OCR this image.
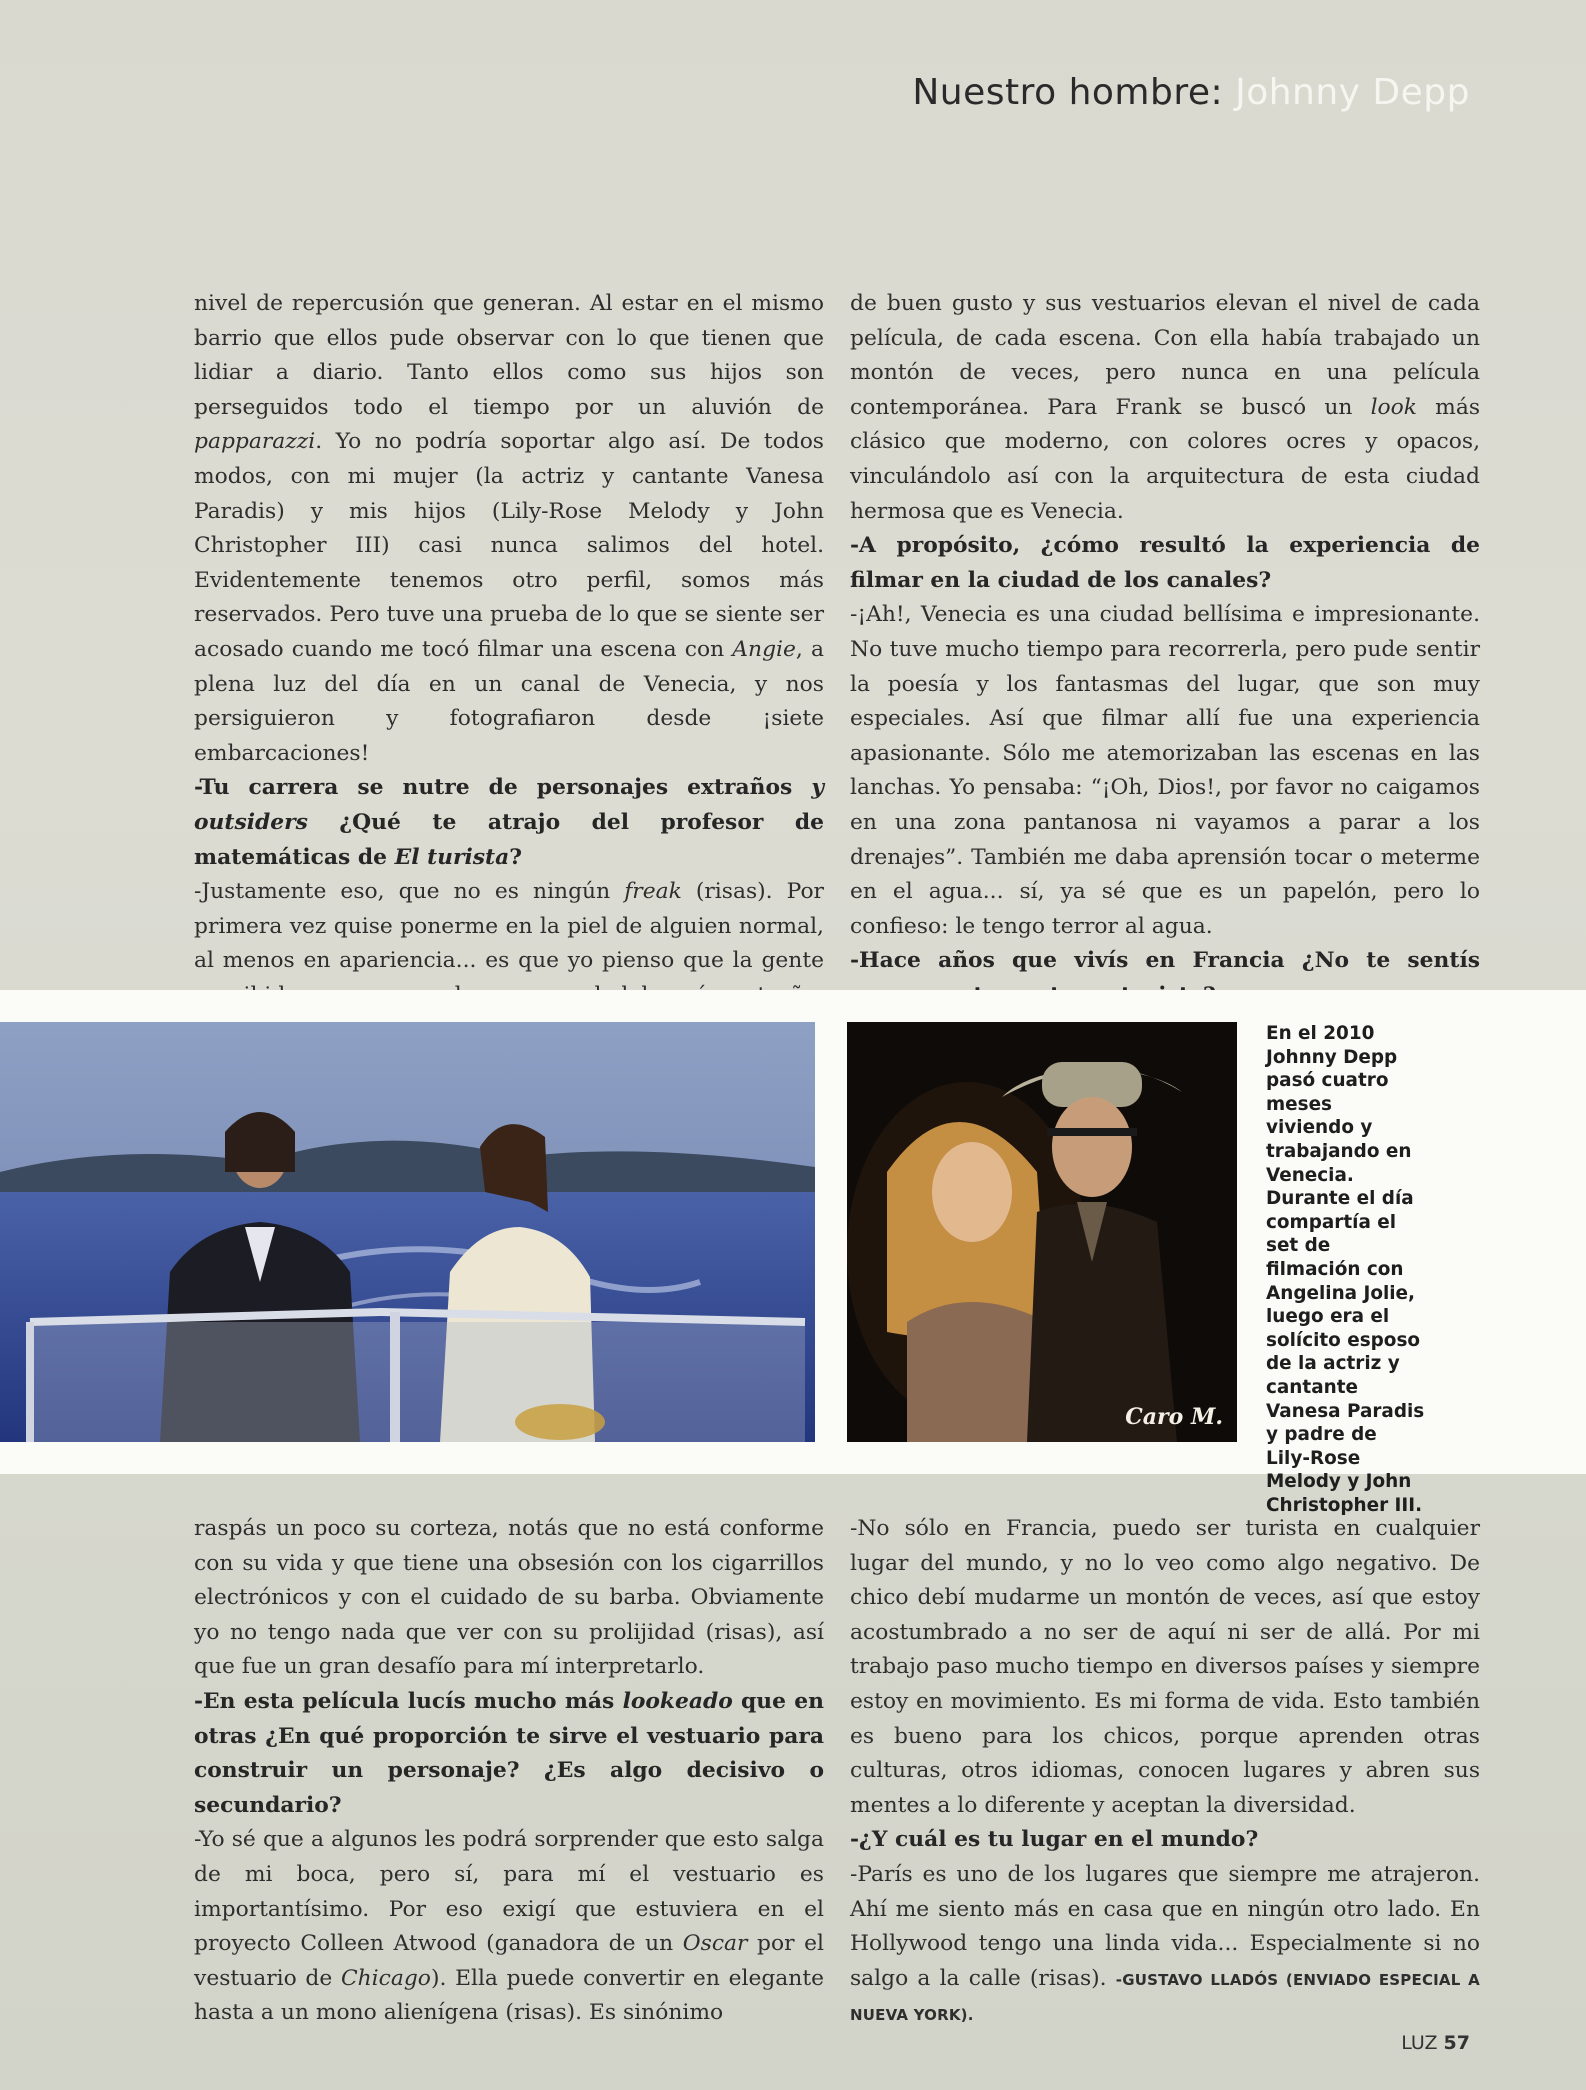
Nuestro hombre: Johnny Depp

nivel de repercusión que generan. Al estar en el mismo barrio que ellos pude observar con lo que tienen que lidiar a diario. Tanto ellos como sus hijos son perseguidos todo el tiempo por un aluvión de papparazzi. Yo no podría soportar algo así. De todos modos, con mi mujer (la actriz y cantante Vanesa Paradis) y mis hijos (Lily-Rose Melody y John Christopher III) casi nunca salimos del hotel. Evidentemente tenemos otro perfil, somos más reservados. Pero tuve una prueba de lo que se siente ser acosado cuando me tocó filmar una escena con Angie, a plena luz del día en un canal de Venecia, y nos persiguieron y fotografiaron desde ¡siete embarcaciones!

-Tu carrera se nutre de personajes extraños y outsiders ¿Qué te atrajo del profesor de matemáticas de El turista?

-Justamente eso, que no es ningún freak (risas). Por primera vez quise ponerme en la piel de alguien normal, al menos en apariencia... es que yo pienso que la gente

de buen gusto y sus vestuarios elevan el nivel de cada película, de cada escena. Con ella había trabajado un montón de veces, pero nunca en una película contemporánea. Para Frank se buscó un look más clásico que moderno, con colores ocres y opacos, vinculándolo así con la arquitectura de esta ciudad hermosa que es Venecia.

-A propósito, ¿cómo resultó la experiencia de filmar en la ciudad de los canales?

-¡Ah!, Venecia es una ciudad bellísima e impresionante. No tuve mucho tiempo para recorrerla, pero pude sentir la poesía y los fantasmas del lugar, que son muy especiales. Así que filmar allí fue una experiencia apasionante. Sólo me atemorizaban las escenas en las lanchas. Yo pensaba: “¡Oh, Dios!, por favor no caigamos en una zona pantanosa ni vayamos a parar a los drenajes”. También me daba aprensión tocar o meterme en el agua... sí, ya sé que es un papelón, pero lo confieso: le tengo terror al agua.

-Hace años que vivís en Francia ¿No te sentís

Caro M.
En el 2010 Johnny Depp pasó cuatro meses viviendo y trabajando en Venecia. Durante el día compartía el set de filmación con Angelina Jolie, luego era el solícito esposo de la actriz y cantante Vanesa Paradis y padre de Lily-Rose Melody y John Christopher III.

raspás un poco su corteza, notás que no está conforme con su vida y que tiene una obsesión con los cigarrillos electrónicos y con el cuidado de su barba. Obviamente yo no tengo nada que ver con su prolijidad (risas), así que fue un gran desafío para mí interpretarlo.

-En esta película lucís mucho más lookeado que en otras ¿En qué proporción te sirve el vestuario para construir un personaje? ¿Es algo decisivo o secundario?

-Yo sé que a algunos les podrá sorprender que esto salga de mi boca, pero sí, para mí el vestuario es importantísimo. Por eso exigí que estuviera en el proyecto Colleen Atwood (ganadora de un Oscar por el vestuario de Chicago). Ella puede convertir en elegante hasta a un mono alienígena (risas). Es sinónimo

-No sólo en Francia, puedo ser turista en cualquier lugar del mundo, y no lo veo como algo negativo. De chico debí mudarme un montón de veces, así que estoy acostumbrado a no ser de aquí ni ser de allá. Por mi trabajo paso mucho tiempo en diversos países y siempre estoy en movimiento. Es mi forma de vida. Esto también es bueno para los chicos, porque aprenden otras culturas, otros idiomas, conocen lugares y abren sus mentes a lo diferente y aceptan la diversidad.

-¿Y cuál es tu lugar en el mundo?

-París es uno de los lugares que siempre me atrajeron. Ahí me siento más en casa que en ningún otro lado. En Hollywood tengo una linda vida... Especialmente si no salgo a la calle (risas). -GUSTAVO LLADÓS (ENVIADO ESPECIAL A NUEVA YORK).

LUZ 57
